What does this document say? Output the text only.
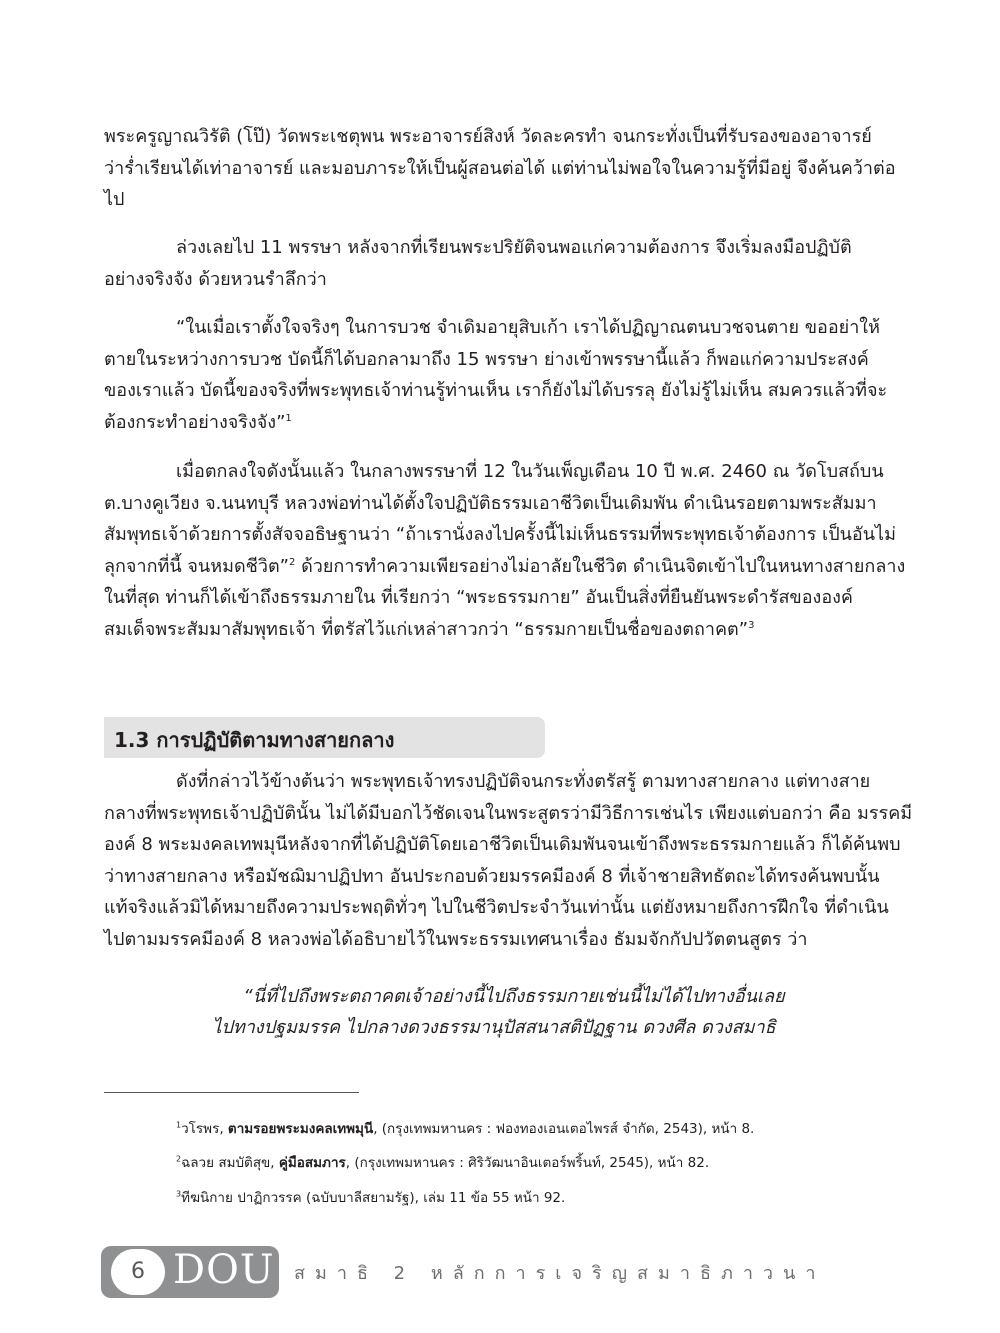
พระครูญาณวิรัติ (โป๊) วัดพระเชตุพน พระอาจารย์สิงห์ วัดละครทำ จนกระทั่งเป็นที่รับรองของอาจารย์
ว่าร่ำเรียนได้เท่าอาจารย์ และมอบภาระให้เป็นผู้สอนต่อได้ แต่ท่านไม่พอใจในความรู้ที่มีอยู่ จึงค้นคว้าต่อ
ไป

ล่วงเลยไป 11 พรรษา หลังจากที่เรียนพระปริยัติจนพอแก่ความต้องการ จึงเริ่มลงมือปฏิบัติ
อย่างจริงจัง ด้วยหวนรำลึกว่า

“ในเมื่อเราตั้งใจจริงๆ ในการบวช จำเดิมอายุสิบเก้า เราได้ปฏิญาณตนบวชจนตาย ขออย่าให้
ตายในระหว่างการบวช บัดนี้ก็ได้บอกลามาถึง 15 พรรษา ย่างเข้าพรรษานี้แล้ว ก็พอแก่ความประสงค์
ของเราแล้ว บัดนี้ของจริงที่พระพุทธเจ้าท่านรู้ท่านเห็น เราก็ยังไม่ได้บรรลุ ยังไม่รู้ไม่เห็น สมควรแล้วที่จะ
ต้องกระทำอย่างจริงจัง”$^1$

เมื่อตกลงใจดังนั้นแล้ว ในกลางพรรษาที่ 12 ในวันเพ็ญเดือน 10 ปี พ.ศ. 2460 ณ วัดโบสถ์บน
ต.บางคูเวียง จ.นนทบุรี หลวงพ่อท่านได้ตั้งใจปฏิบัติธรรมเอาชีวิตเป็นเดิมพัน ดำเนินรอยตามพระสัมมา
สัมพุทธเจ้าด้วยการตั้งสัจจอธิษฐานว่า “ถ้าเรานั่งลงไปครั้งนี้ไม่เห็นธรรมที่พระพุทธเจ้าต้องการ เป็นอันไม่
ลุกจากที่นี้ จนหมดชีวิต”$^2$ ด้วยการทำความเพียรอย่างไม่อาลัยในชีวิต ดำเนินจิตเข้าไปในหนทางสายกลาง
ในที่สุด ท่านก็ได้เข้าถึงธรรมภายใน ที่เรียกว่า “พระธรรมกาย” อันเป็นสิ่งที่ยืนยันพระดำรัสขององค์
สมเด็จพระสัมมาสัมพุทธเจ้า ที่ตรัสไว้แก่เหล่าสาวกว่า “ธรรมกายเป็นชื่อของตถาคต”$^3$

1.3 การปฏิบัติตามทางสายกลาง

ดังที่กล่าวไว้ข้างต้นว่า พระพุทธเจ้าทรงปฏิบัติจนกระทั่งตรัสรู้ ตามทางสายกลาง แต่ทางสาย
กลางที่พระพุทธเจ้าปฏิบัตินั้น ไม่ได้มีบอกไว้ชัดเจนในพระสูตรว่ามีวิธีการเช่นไร เพียงแต่บอกว่า คือ มรรคมี
องค์ 8 พระมงคลเทพมุนีหลังจากที่ได้ปฏิบัติโดยเอาชีวิตเป็นเดิมพันจนเข้าถึงพระธรรมกายแล้ว ก็ได้ค้นพบ
ว่าทางสายกลาง หรือมัชฌิมาปฏิปทา อันประกอบด้วยมรรคมีองค์ 8 ที่เจ้าชายสิทธัตถะได้ทรงค้นพบนั้น
แท้จริงแล้วมิได้หมายถึงความประพฤติทั่วๆ ไปในชีวิตประจำวันเท่านั้น แต่ยังหมายถึงการฝึกใจ ที่ดำเนิน
ไปตามมรรคมีองค์ 8 หลวงพ่อได้อธิบายไว้ในพระธรรมเทศนาเรื่อง ธัมมจักกัปปวัตตนสูตร ว่า

“นี่ที่ไปถึงพระตถาคตเจ้าอย่างนี้ไปถึงธรรมกายเช่นนี้ไม่ได้ไปทางอื่นเลย
ไปทางปฐมมรรค ไปกลางดวงธรรมานุปัสสนาสติปัฏฐาน ดวงศีล ดวงสมาธิ
$^1$วโรพร, ตามรอยพระมงคลเทพมุนี, (กรุงเทพมหานคร : ฟองทองเอนเตอไพรส์ จำกัด, 2543), หน้า 8.
$^2$ฉลวย สมบัติสุข, คู่มือสมภาร, (กรุงเทพมหานคร : ศิริวัฒนาอินเตอร์พริ้นท์, 2545), หน้า 82.
$^3$ทีฆนิกาย ปาฏิกวรรค (ฉบับบาลีสยามรัฐ), เล่ม 11 ข้อ 55 หน้า 92.
6 DOU สมาธิ 2 หลักการเจริญสมาธิภาวนา
